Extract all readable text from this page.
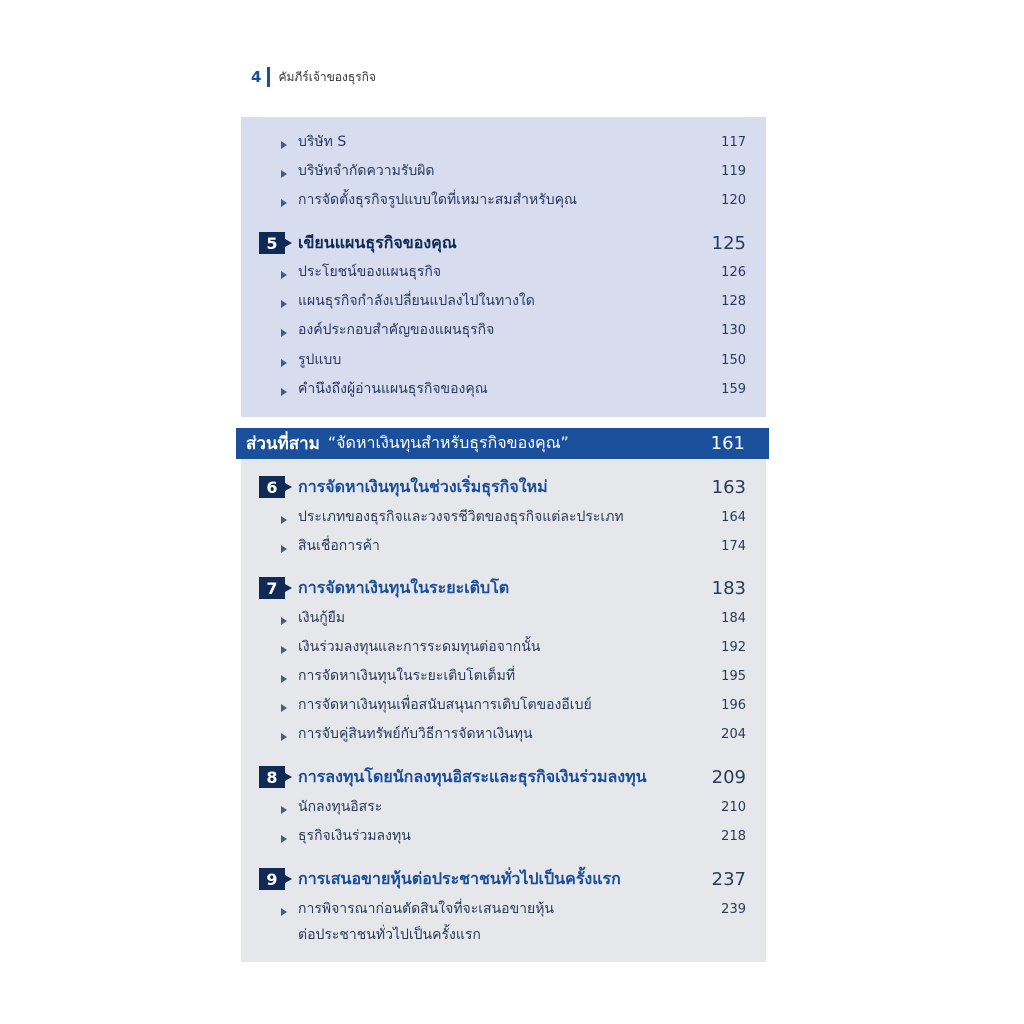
4 คัมภีร์เจ้าของธุรกิจ
บริษัท S	117
บริษัทจำกัดความรับผิด	119
การจัดตั้งธุรกิจรูปแบบใดที่เหมาะสมสำหรับคุณ	120
5	เขียนแผนธุรกิจของคุณ	125
ประโยชน์ของแผนธุรกิจ	126
แผนธุรกิจกำลังเปลี่ยนแปลงไปในทางใด	128
องค์ประกอบสำคัญของแผนธุรกิจ	130
รูปแบบ	150
คำนึงถึงผู้อ่านแผนธุรกิจของคุณ	159
ส่วนที่สาม “จัดหาเงินทุนสำหรับธุรกิจของคุณ”	161
6	การจัดหาเงินทุนในช่วงเริ่มธุรกิจใหม่	163
ประเภทของธุรกิจและวงจรชีวิตของธุรกิจแต่ละประเภท	164
สินเชื่อการค้า	174
7	การจัดหาเงินทุนในระยะเติบโต	183
เงินกู้ยืม	184
เงินร่วมลงทุนและการระดมทุนต่อจากนั้น	192
การจัดหาเงินทุนในระยะเติบโตเต็มที่	195
การจัดหาเงินทุนเพื่อสนับสนุนการเติบโตของอีเบย์	196
การจับคู่สินทรัพย์กับวิธีการจัดหาเงินทุน	204
8	การลงทุนโดยนักลงทุนอิสระและธุรกิจเงินร่วมลงทุน	209
นักลงทุนอิสระ	210
ธุรกิจเงินร่วมลงทุน	218
9	การเสนอขายหุ้นต่อประชาชนทั่วไปเป็นครั้งแรก	237
การพิจารณาก่อนตัดสินใจที่จะเสนอขายหุ้น
ต่อประชาชนทั่วไปเป็นครั้งแรก
239
